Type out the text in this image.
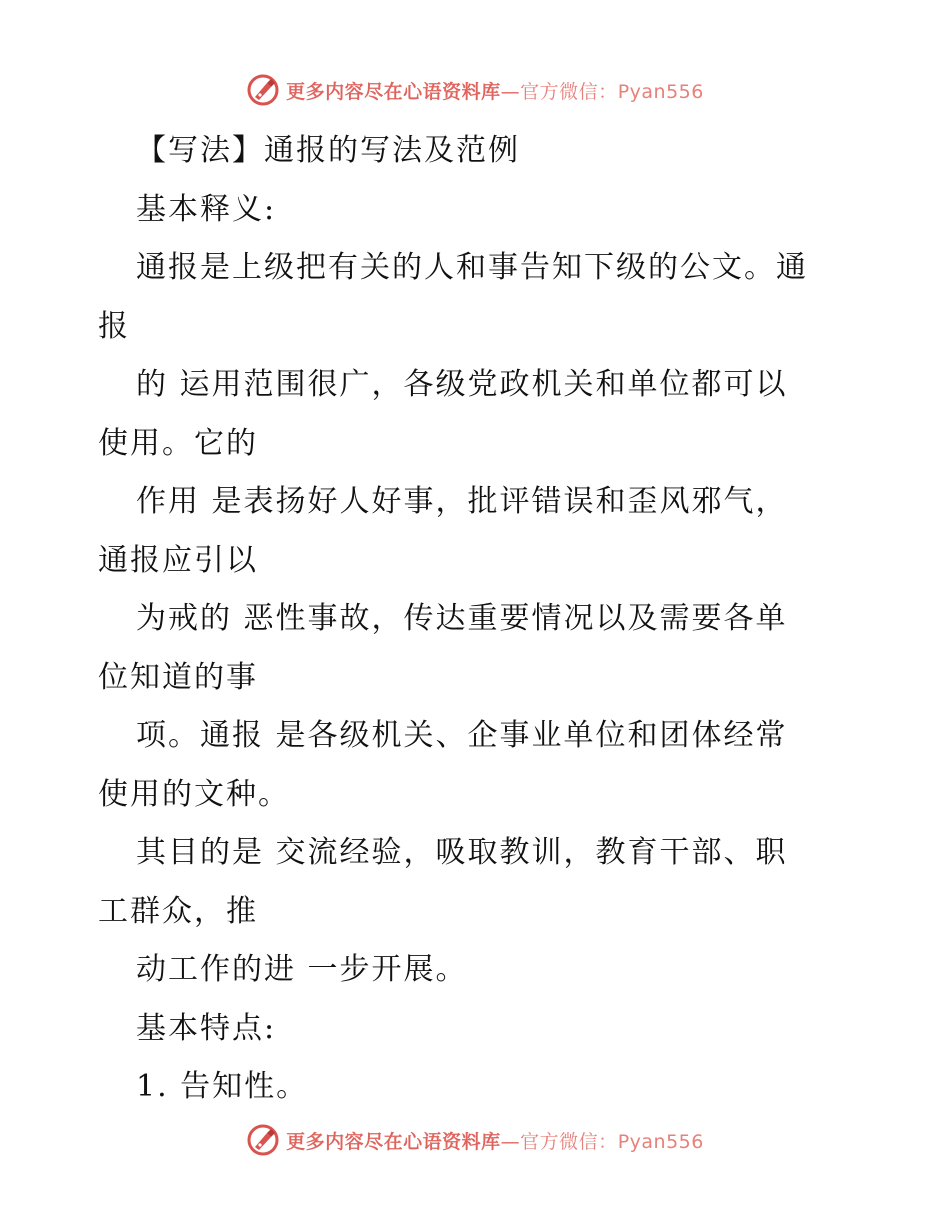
更多内容尽在心语资料库—官方微信：Pyan556
【写法】通报的写法及范例
基本释义:
通报是上级把有关的人和事告知下级的公文。通
报
的 运用范围很广，各级党政机关和单位都可以
使用。它的
作用 是表扬好人好事，批评错误和歪风邪气，
通报应引以
为戒的 恶性事故，传达重要情况以及需要各单
位知道的事
项。通报 是各级机关、企事业单位和团体经常
使用的文种。
其目的是 交流经验，吸取教训，教育干部、职
工群众，推
动工作的进 一步开展。
基本特点:
1. 告知性。
更多内容尽在心语资料库—官方微信：Pyan556
